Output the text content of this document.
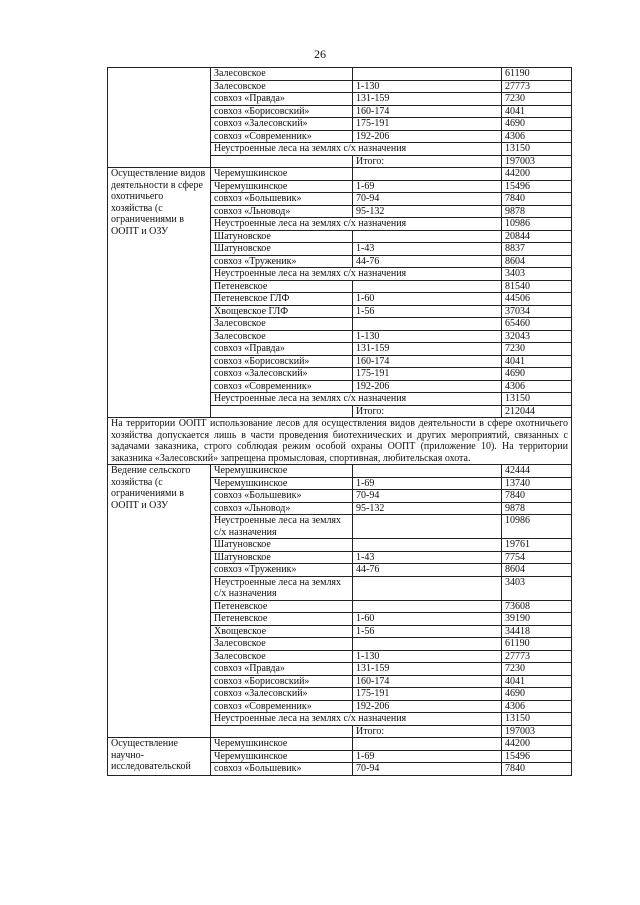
26
	Залесовское		61190
	Залесовское	1-130	27773
	совхоз «Правда»	131-159	7230
	совхоз «Борисовский»	160-174	4041
	совхоз «Залесовский»	175-191	4690
	совхоз «Современник»	192-206	4306
	Неустроенные леса на землях с/х назначения		13150
		Итого:	197003
Осуществление видов деятельности в сфере охотничьего хозяйства (с ограничениями в ООПТ и ОЗУ	Черемушкинское		44200
	Черемушкинское	1-69	15496
	совхоз «Большевик»	70-94	7840
	совхоз «Льновод»	95-132	9878
	Неустроенные леса на землях с/х назначения		10986
	Шатуновское		20844
	Шатуновское	1-43	8837
	совхоз «Труженик»	44-76	8604
	Неустроенные леса на землях с/х назначения		3403
	Петеневское		81540
	Петеневское ГЛФ	1-60	44506
	Хвощевское ГЛФ	1-56	37034
	Залесовское		65460
	Залесовское	1-130	32043
	совхоз «Правда»	131-159	7230
	совхоз «Борисовский»	160-174	4041
	совхоз «Залесовский»	175-191	4690
	совхоз «Современник»	192-206	4306
	Неустроенные леса на землях с/х назначения		13150
		Итого:	212044
На территории ООПТ использование лесов для осуществления видов деятельности в сфере охотничьего хозяйства допускается лишь в части проведения биотехнических и других мероприятий, связанных с задачами заказника, строго соблюдая режим особой охраны ООПТ (приложение 10). На территории заказника «Залесовский» запрещена промысловая, спортивная, любительская охота.			
Ведение сельского хозяйства (с ограничениями в ООПТ и ОЗУ	Черемушкинское		42444
	Черемушкинское	1-69	13740
	совхоз «Большевик»	70-94	7840
	совхоз «Льновод»	95-132	9878
	Неустроенные леса на землях с/х назначения		10986
	Шатуновское		19761
	Шатуновское	1-43	7754
	совхоз «Труженик»	44-76	8604
	Неустроенные леса на землях с/х назначения		3403
	Петеневское		73608
	Петеневское	1-60	39190
	Хвощевское	1-56	34418
	Залесовское		61190
	Залесовское	1-130	27773
	совхоз «Правда»	131-159	7230
	совхоз «Борисовский»	160-174	4041
	совхоз «Залесовский»	175-191	4690
	совхоз «Современник»	192-206	4306
	Неустроенные леса на землях с/х назначения		13150
		Итого:	197003
Осуществление научно-исследовательской	Черемушкинское		44200
	Черемушкинское	1-69	15496
	совхоз «Большевик»	70-94	7840
